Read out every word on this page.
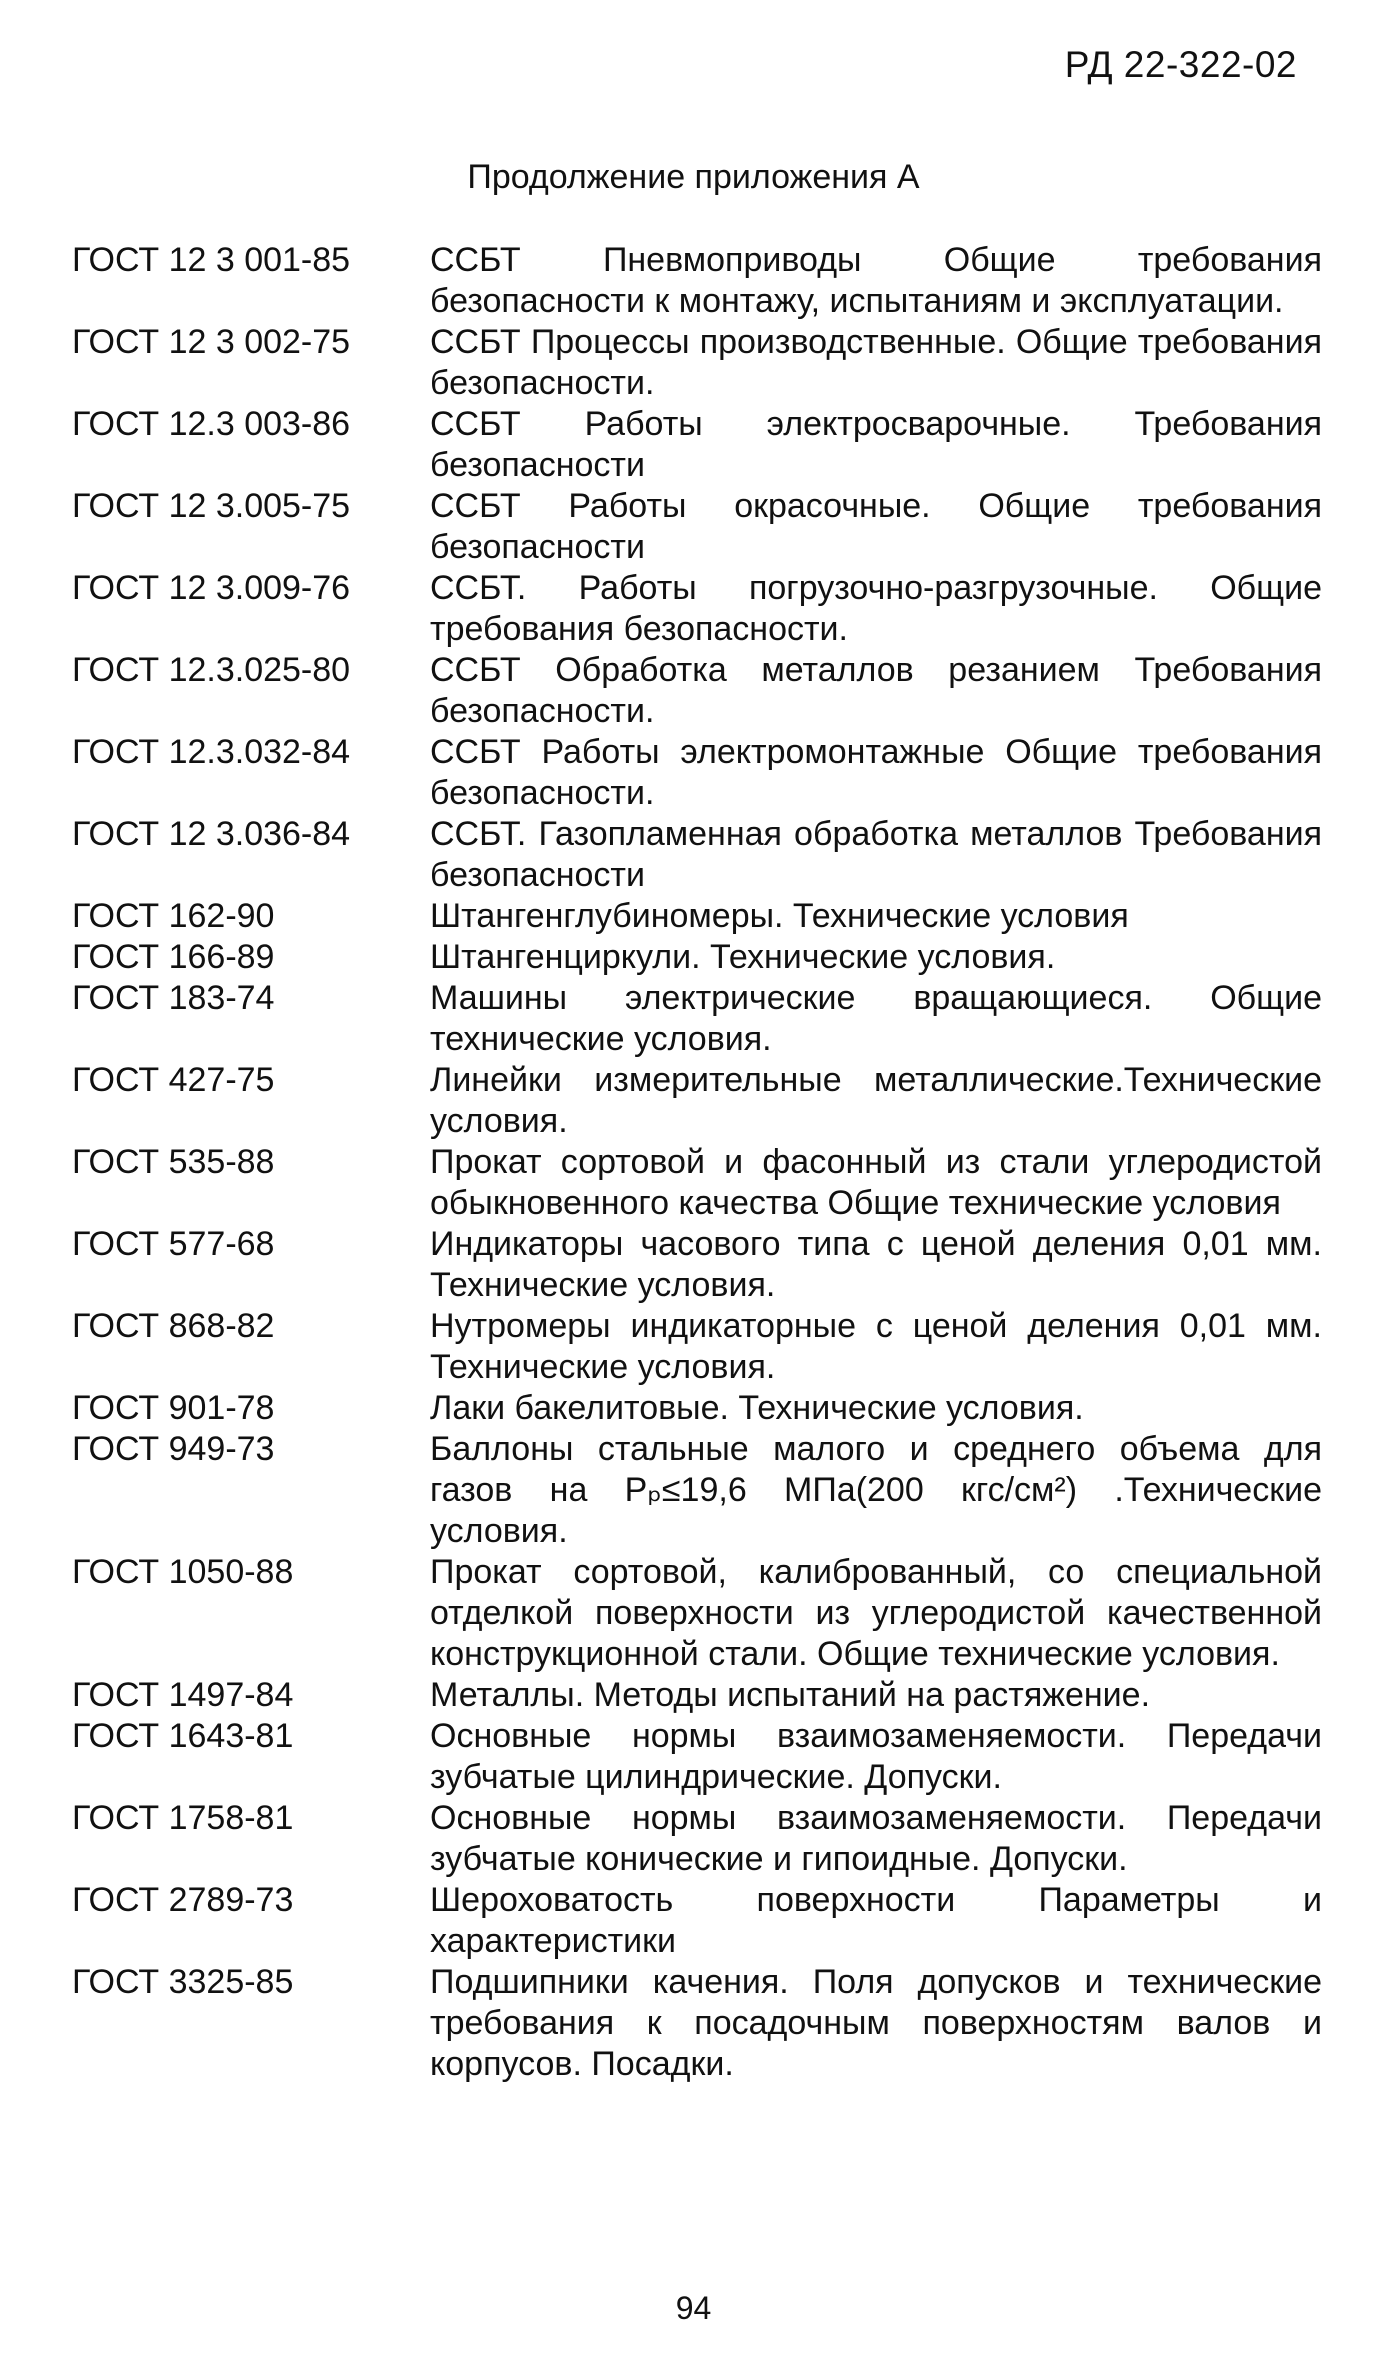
РД 22-322-02
Продолжение приложения А
ГОСТ 12 3 001-85	ССБТ Пневмоприводы Общие требования безопасности к монтажу, испытаниям и эксплуатации.
ГОСТ 12 3 002-75	ССБТ Процессы производственные. Общие требования безопасности.
ГОСТ 12.3 003-86	ССБТ Работы электросварочные. Требования безопасности
ГОСТ 12 3.005-75	ССБТ Работы окрасочные. Общие требования безопасности
ГОСТ 12 3.009-76	ССБТ. Работы погрузочно-разгрузочные. Общие требования безопасности.
ГОСТ 12.3.025-80	ССБТ Обработка металлов резанием Требования безопасности.
ГОСТ 12.3.032-84	ССБТ Работы электромонтажные Общие требования безопасности.
ГОСТ 12 3.036-84	ССБТ. Газопламенная обработка металлов Требования безопасности
ГОСТ 162-90	Штангенглубиномеры. Технические условия
ГОСТ 166-89	Штангенциркули. Технические условия.
ГОСТ 183-74	Машины электрические вращающиеся. Общие технические условия.
ГОСТ 427-75	Линейки измерительные металлические.Технические условия.
ГОСТ 535-88	Прокат сортовой и фасонный из стали углеродистой обыкновенного качества Общие технические условия
ГОСТ 577-68	Индикаторы часового типа с ценой деления 0,01 мм. Технические условия.
ГОСТ 868-82	Нутромеры индикаторные с ценой деления 0,01 мм. Технические условия.
ГОСТ 901-78	Лаки бакелитовые. Технические условия.
ГОСТ 949-73	Баллоны стальные малого и среднего объема для газов на Pₚ≤19,6 МПа(200 кгс/см²) .Технические условия.
ГОСТ 1050-88	Прокат сортовой, калиброванный, со специальной отделкой поверхности из углеродистой качественной конструкционной стали. Общие технические условия.
ГОСТ 1497-84	Металлы. Методы испытаний на растяжение.
ГОСТ 1643-81	Основные нормы взаимозаменяемости. Передачи зубчатые цилиндрические. Допуски.
ГОСТ 1758-81	Основные нормы взаимозаменяемости. Передачи зубчатые конические и гипоидные. Допуски.
ГОСТ 2789-73	Шероховатость поверхности Параметры и характеристики
ГОСТ 3325-85	Подшипники качения. Поля допусков и технические требования к посадочным поверхностям валов и корпусов. Посадки.
94
